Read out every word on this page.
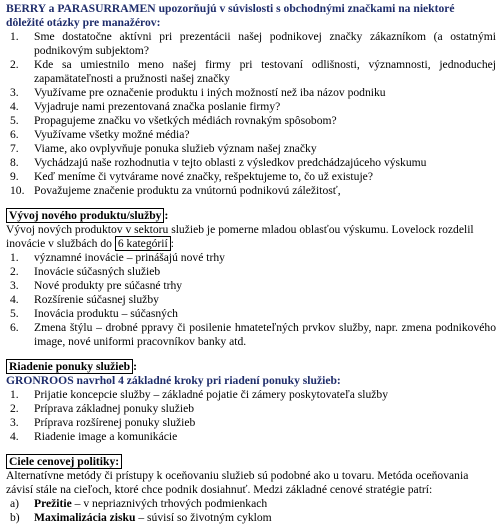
BERRY a PARASURRAMEN upozorňujú v súvislosti s obchodnými značkami na niektoré
dôležité otázky pre manažérov:
1.	Sme dostatočne aktívni pri prezentácii našej podnikovej značky zákazníkom (a ostatnými podnikovým subjektom?
2.	Kde sa umiestnilo meno našej firmy pri testovaní odlišnosti, významnosti, jednoduchej zapamätateľnosti a pružnosti našej značky
3.	Využívame pre označenie produktu i iných možností než iba názov podniku
4.	Vyjadruje nami prezentovaná značka poslanie firmy?
5.	Propagujeme značku vo všetkých médiách rovnakým spôsobom?
6.	Využívame všetky možné média?
7.	Viame, ako ovplyvňuje ponuka služieb význam našej značky
8.	Vychádzajú naše rozhodnutia v tejto oblasti z výsledkov predchádzajúceho výskumu
9.	Keď meníme či vytvárame nové značky, rešpektujeme to, čo už existuje?
10. Považujeme značenie produktu za vnútornú podnikovú záležitosť,
Vývoj nového produktu/služby :
Vývoj nových produktov v sektoru služieb je pomerne mladou oblasťou výskumu. Lovelock rozdelil
inovácie v službách do 6 kategórií :
1.	významné inovácie – prinášajú nové trhy
2.	Inovácie súčasných služieb
3.	Nové produkty pre súčasné trhy
4.	Rozšírenie súčasnej služby
5.	Inovácia produktu – súčasných
6.	Zmena štýlu – drobné ppravy či posilenie hmateteľných prvkov služby, napr. zmena podnikového image, nové uniformi pracovníkov banky atd.
Riadenie ponuky služieb :
GRONROOS navrhol 4 základné kroky pri riadení ponuky služieb:
1.	Prijatie koncepcie služby – základné pojatie či zámery poskytovateľa služby
2.	Príprava základnej ponuky služieb
3.	Príprava rozšírenej ponuky služieb
4.	Riadenie image a komunikácie
Ciele cenovej politiky:
Alternatívne metódy či prístupy k oceňovaniu služieb sú podobné ako u tovaru. Metóda oceňovania
závisí stále na cieľoch, ktoré chce podnik dosiahnuť. Medzi základné cenové stratégie patrí:
a)	Prežitie – v nepriaznivých trhových podmienkach
b)	Maximalizácia zisku – súvisí so životným cyklom
